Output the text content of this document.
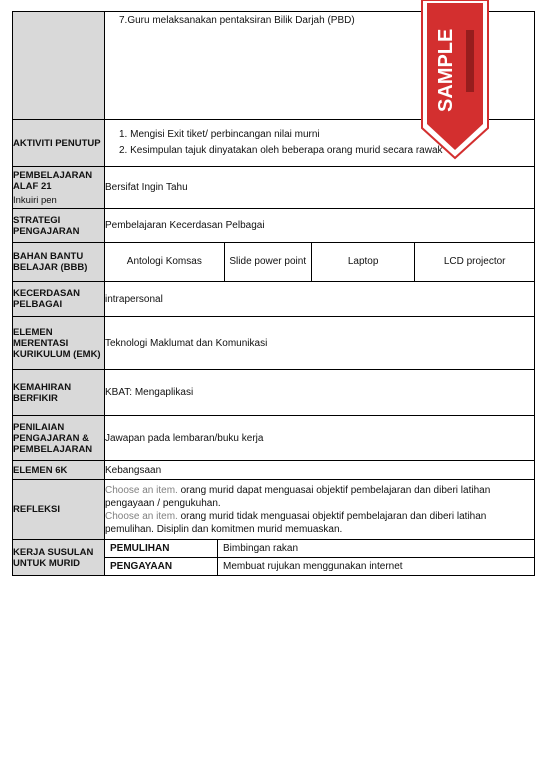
	7.Guru melaksanakan pentaksiran Bilik Darjah (PBD)
AKTIVITI PENUTUP	
1. Mengisi Exit tiket/ perbincangan nilai murni
2. Kesimpulan tajuk dinyatakan oleh beberapa orang murid secara rawak

PEMBELAJARAN ALAF 21
Inkuiri pen
	Bersifat Ingin Tahu
STRATEGI PENGAJARAN	Pembelajaran Kecerdasan Pelbagai
BAHAN BANTU BELAJAR (BBB)	
Antologi Komsas	Slide power point	Laptop	LCD projector

KECERDASAN PELBAGAI	intrapersonal
ELEMEN MERENTASI KURIKULUM (EMK)	Teknologi Maklumat dan Komunikasi
KEMAHIRAN BERFIKIR	KBAT: Mengaplikasi
PENILAIAN PENGAJARAN & PEMBELAJARAN	Jawapan pada lembaran/buku kerja
ELEMEN 6K	Kebangsaan
REFLEKSI	Choose an item. orang murid dapat menguasai objektif pembelajaran dan diberi latihan pengayaan / pengukuhan.
Choose an item. orang murid tidak menguasai objektif pembelajaran dan diberi latihan pemulihan. Disiplin dan komitmen murid memuaskan.
KERJA SUSULAN UNTUK MURID	
PEMULIHAN	Bimbingan rakan
PENGAYAAN	Membuat rujukan menggunakan internet
SAMPLE
